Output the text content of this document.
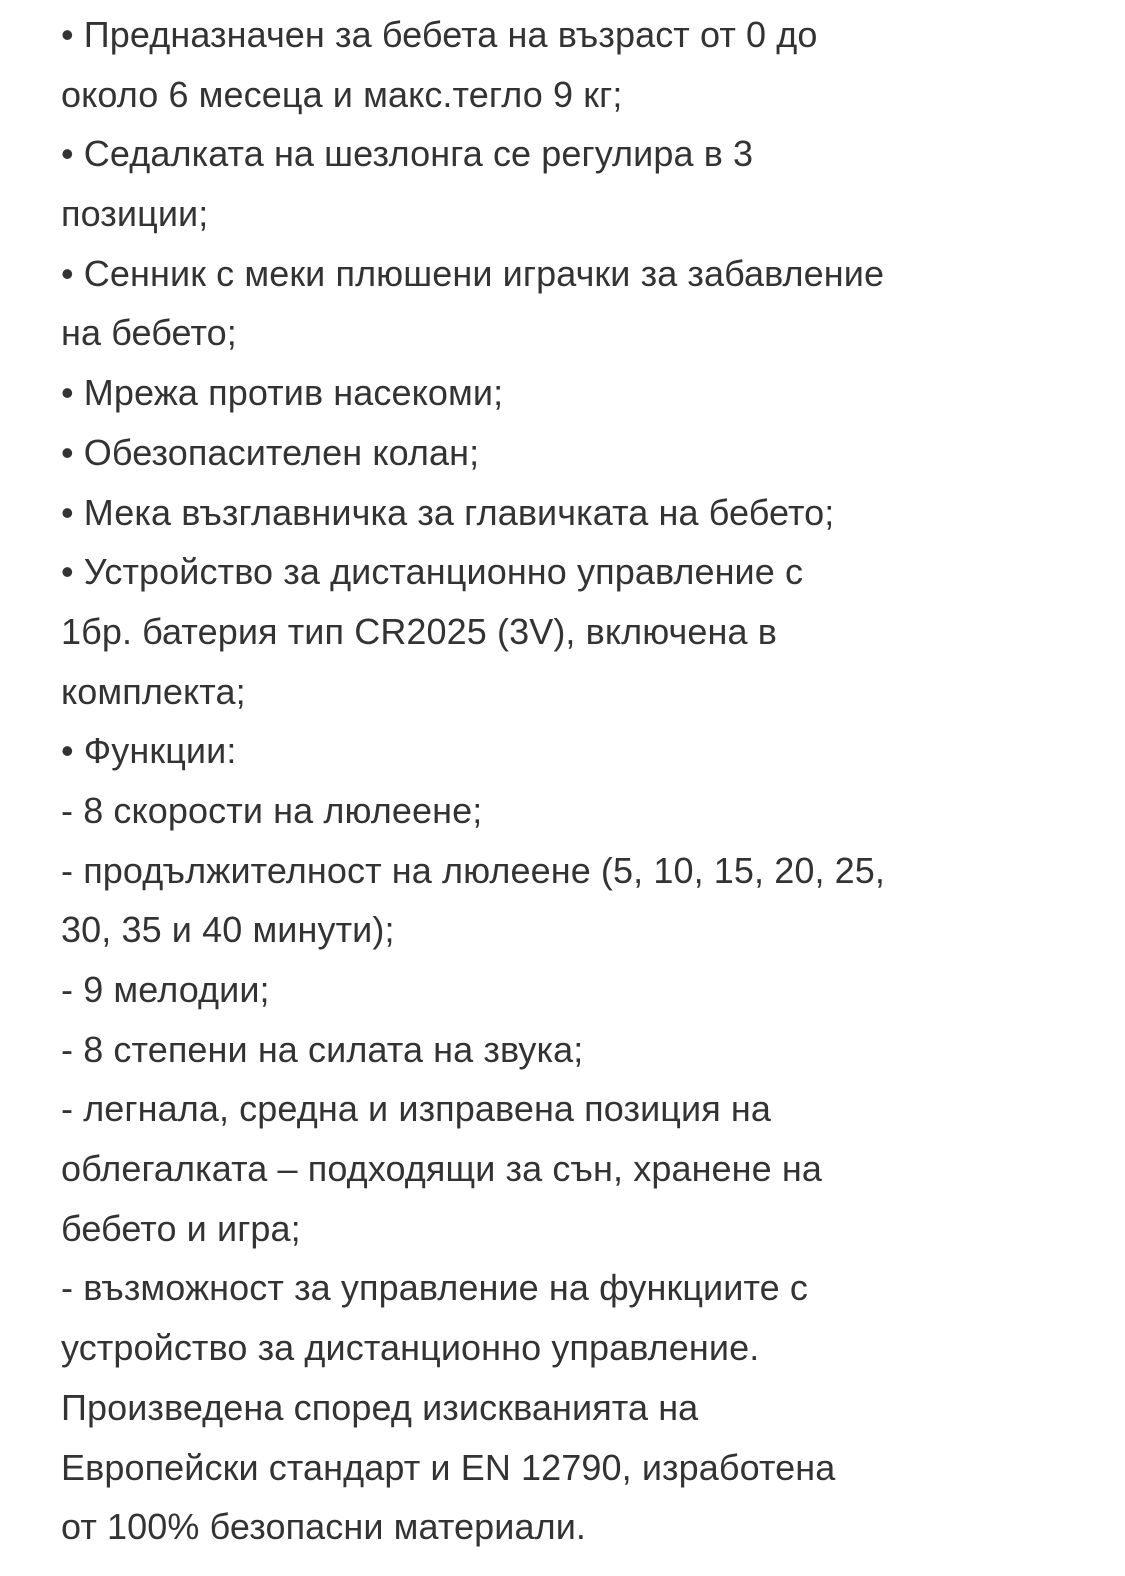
• Предназначен за бебета на възраст от 0 до
около 6 месеца и макс.тегло 9 кг;
• Седалката на шезлонга се регулира в 3
позиции;
• Сенник с меки плюшени играчки за забавление
на бебето;
• Мрежа против насекоми;
• Обезопасителен колан;
• Мека възглавничка за главичката на бебето;
• Устройство за дистанционно управление с
1бр. батерия тип CR2025 (3V), включена в
комплекта;
• Функции:
- 8 скорости на люлеене;
- продължителност на люлеене (5, 10, 15, 20, 25,
30, 35 и 40 минути);
- 9 мелодии;
- 8 степени на силата на звука;
- легнала, средна и изправена позиция на
облегалката – подходящи за сън, хранене на
бебето и игра;
- възможност за управление на функциите с
устройство за дистанционно управление.
Произведена според изискванията на
Европейски стандарт и EN 12790, изработена
от 100% безопасни материали.
